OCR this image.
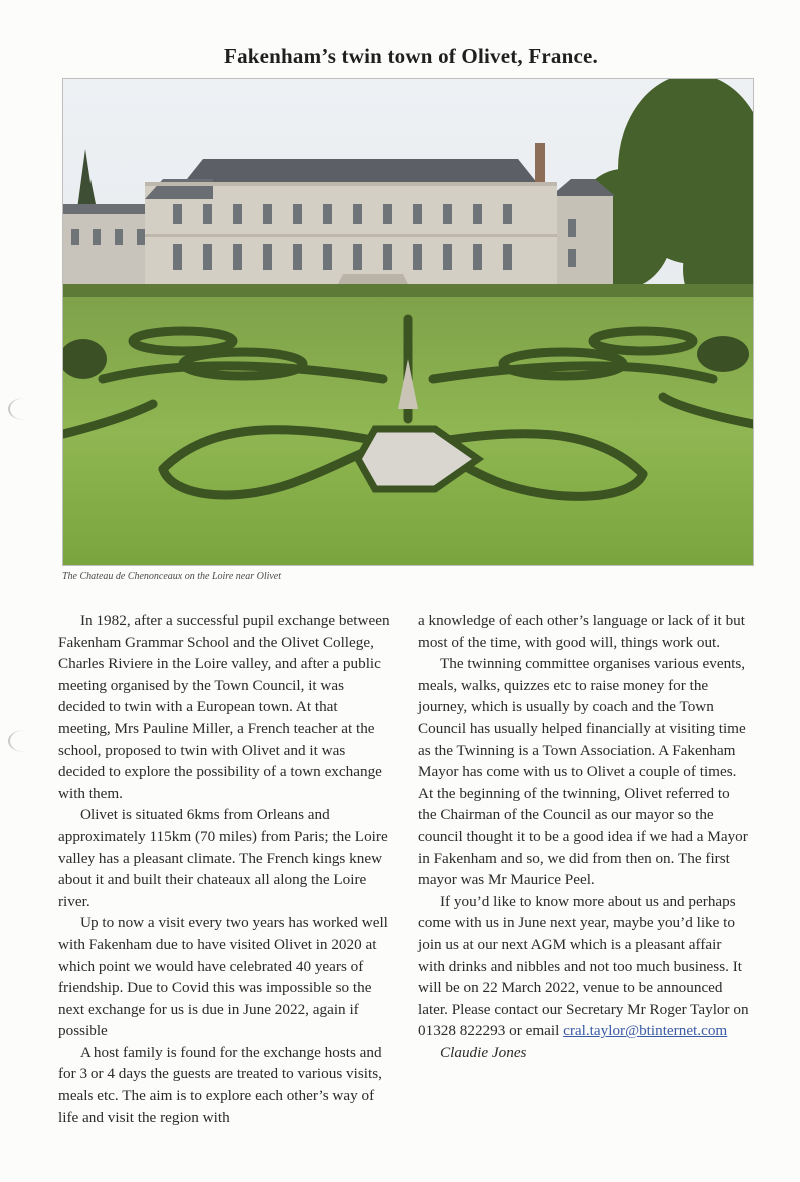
Fakenham’s twin town of Olivet, France.
The Chateau de Chenonceaux on the Loire near Olivet

In 1982, after a successful pupil exchange between Fakenham Grammar School and the Olivet College, Charles Riviere in the Loire valley, and after a public meeting organised by the Town Council, it was decided to twin with a European town. At that meeting, Mrs Pauline Miller, a French teacher at the school, proposed to twin with Olivet and it was decided to explore the possibility of a town exchange with them.

Olivet is situated 6kms from Orleans and approximately 115km (70 miles) from Paris; the Loire valley has a pleasant climate. The French kings knew about it and built their chateaux all along the Loire river.

Up to now a visit every two years has worked well with Fakenham due to have visited Olivet in 2020 at which point we would have celebrated 40 years of friendship. Due to Covid this was impossible so the next exchange for us is due in June 2022, again if possible

A host family is found for the exchange hosts and for 3 or 4 days the guests are treated to various visits, meals etc. The aim is to explore each other’s way of life and visit the region with

a knowledge of each other’s language or lack of it but most of the time, with good will, things work out.

The twinning committee organises various events, meals, walks, quizzes etc to raise money for the journey, which is usually by coach and the Town Council has usually helped financially at visiting time as the Twinning is a Town Association. A Fakenham Mayor has come with us to Olivet a couple of times. At the beginning of the twinning, Olivet referred to the Chairman of the Council as our mayor so the council thought it to be a good idea if we had a Mayor in Fakenham and so, we did from then on. The first mayor was Mr Maurice Peel.

If you’d like to know more about us and perhaps come with us in June next year, maybe you’d like to join us at our next AGM which is a pleasant affair with drinks and nibbles and not too much business. It will be on 22 March 2022, venue to be announced later. Please contact our Secretary Mr Roger Taylor on 01328 822293 or email cral.taylor@btinternet.com

Claudie Jones
